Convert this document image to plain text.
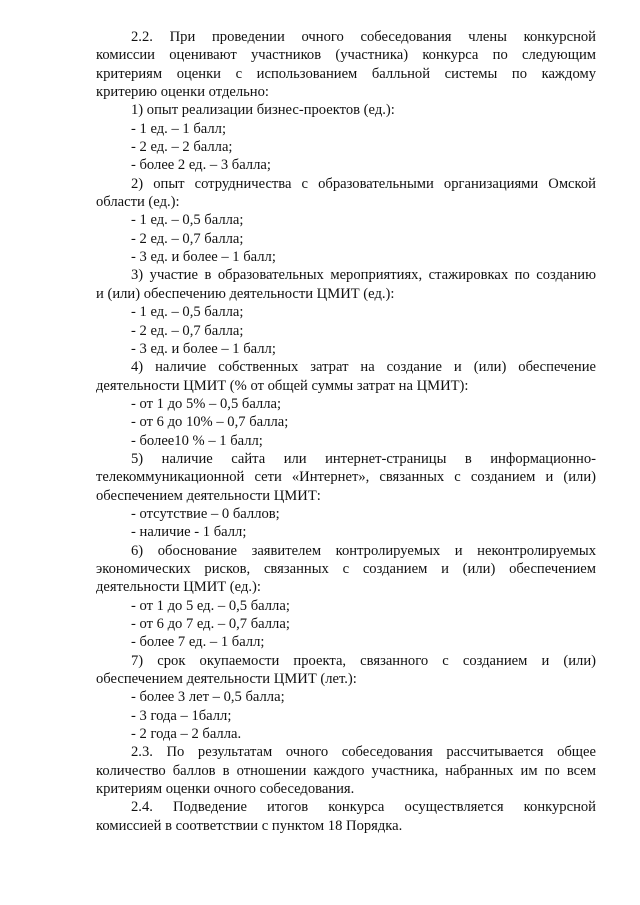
2.2. При проведении очного собеседования члены конкурсной
комиссии оценивают участников (участника) конкурса по следующим
критериям оценки с использованием балльной системы по каждому
критерию оценки отдельно:
1) опыт реализации бизнес-проектов (ед.):
- 1 ед. – 1 балл;
- 2 ед. – 2 балла;
- более 2 ед. – 3 балла;
2) опыт сотрудничества с образовательными организациями Омской
области (ед.):
- 1 ед. – 0,5 балла;
- 2 ед. – 0,7 балла;
- 3 ед. и более – 1 балл;
3) участие в образовательных мероприятиях, стажировках по созданию
и (или) обеспечению деятельности ЦМИТ (ед.):
- 1 ед. – 0,5 балла;
- 2 ед. – 0,7 балла;
- 3 ед. и более – 1 балл;
4) наличие собственных затрат на создание и (или) обеспечение
деятельности ЦМИТ (% от общей суммы затрат на ЦМИТ):
- от 1 до 5% – 0,5 балла;
- от 6 до 10% – 0,7 балла;
- более10 % – 1 балл;
5) наличие сайта или интернет-страницы в информационно-
телекоммуникационной сети «Интернет», связанных с созданием и (или)
обеспечением деятельности ЦМИТ:
- отсутствие – 0 баллов;
- наличие - 1 балл;
6) обоснование заявителем контролируемых и неконтролируемых
экономических рисков, связанных с созданием и (или) обеспечением
деятельности ЦМИТ (ед.):
- от 1 до 5 ед. – 0,5 балла;
- от 6 до 7 ед. – 0,7 балла;
- более 7 ед. – 1 балл;
7) срок окупаемости проекта, связанного с созданием и (или)
обеспечением деятельности ЦМИТ (лет.):
- более 3 лет – 0,5 балла;
- 3 года – 1балл;
- 2 года – 2 балла.
2.3. По результатам очного собеседования рассчитывается общее
количество баллов в отношении каждого участника, набранных им по всем
критериям оценки очного собеседования.
2.4. Подведение итогов конкурса осуществляется конкурсной
комиссией в соответствии с пунктом 18 Порядка.
